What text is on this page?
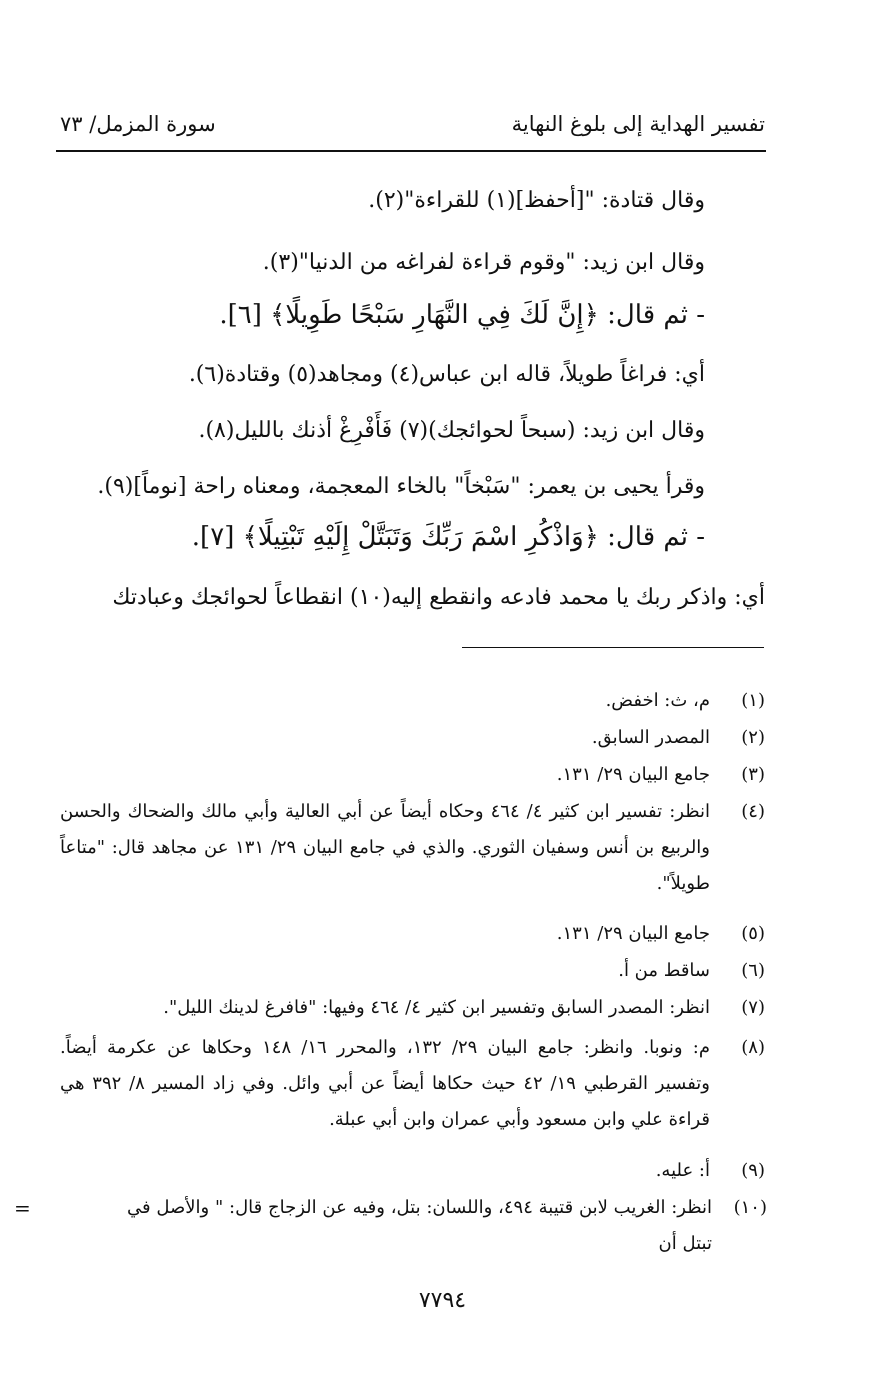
تفسير الهداية إلى بلوغ النهاية
سورة المزمل/ ٧٣
وقال قتادة: "[أحفظ](١) للقراءة"(٢).
وقال ابن زيد: "وقوم قراءة لفراغه من الدنيا"(٣).
- ثم قال: ﴿إِنَّ لَكَ فِي النَّهَارِ سَبْحًا طَوِيلًا﴾ [٦].
أي: فراغاً طويلاً، قاله ابن عباس(٤) ومجاهد(٥) وقتادة(٦).
وقال ابن زيد: (سبحاً لحوائجك)(٧) فَأَفْرِغْ أذنك بالليل(٨).
وقرأ يحيى بن يعمر: "سَبْخاً" بالخاء المعجمة، ومعناه راحة [نوماً](٩).
- ثم قال: ﴿وَاذْكُرِ اسْمَ رَبِّكَ وَتَبَتَّلْ إِلَيْهِ تَبْتِيلًا﴾ [٧].
أي: واذكر ربك يا محمد فادعه وانقطع إليه(١٠) انقطاعاً لحوائجك وعبادتك
(١)
م، ث: اخفض.
(٢)
المصدر السابق.
(٣)
جامع البيان ٢٩/ ١٣١.
(٤)
انظر: تفسير ابن كثير ٤/ ٤٦٤ وحكاه أيضاً عن أبي العالية وأبي مالك والضحاك والحسن والربيع بن أنس وسفيان الثوري. والذي في جامع البيان ٢٩/ ١٣١ عن مجاهد قال: "متاعاً طويلاً".
(٥)
جامع البيان ٢٩/ ١٣١.
(٦)
ساقط من أ.
(٧)
انظر: المصدر السابق وتفسير ابن كثير ٤/ ٤٦٤ وفيها: "فافرغ لدينك الليل".
(٨)
م: ونوبا. وانظر: جامع البيان ٢٩/ ١٣٢، والمحرر ١٦/ ١٤٨ وحكاها عن عكرمة أيضاً. وتفسير القرطبي ١٩/ ٤٢ حيث حكاها أيضاً عن أبي وائل. وفي زاد المسير ٨/ ٣٩٢ هي قراءة علي وابن مسعود وأبي عمران وابن أبي عبلة.
(٩)
أ: عليه.
(١٠)
انظر: الغريب لابن قتيبة ٤٩٤، واللسان: بتل، وفيه عن الزجاج قال: " والأصل في تبتل أن
=
٧٧٩٤
